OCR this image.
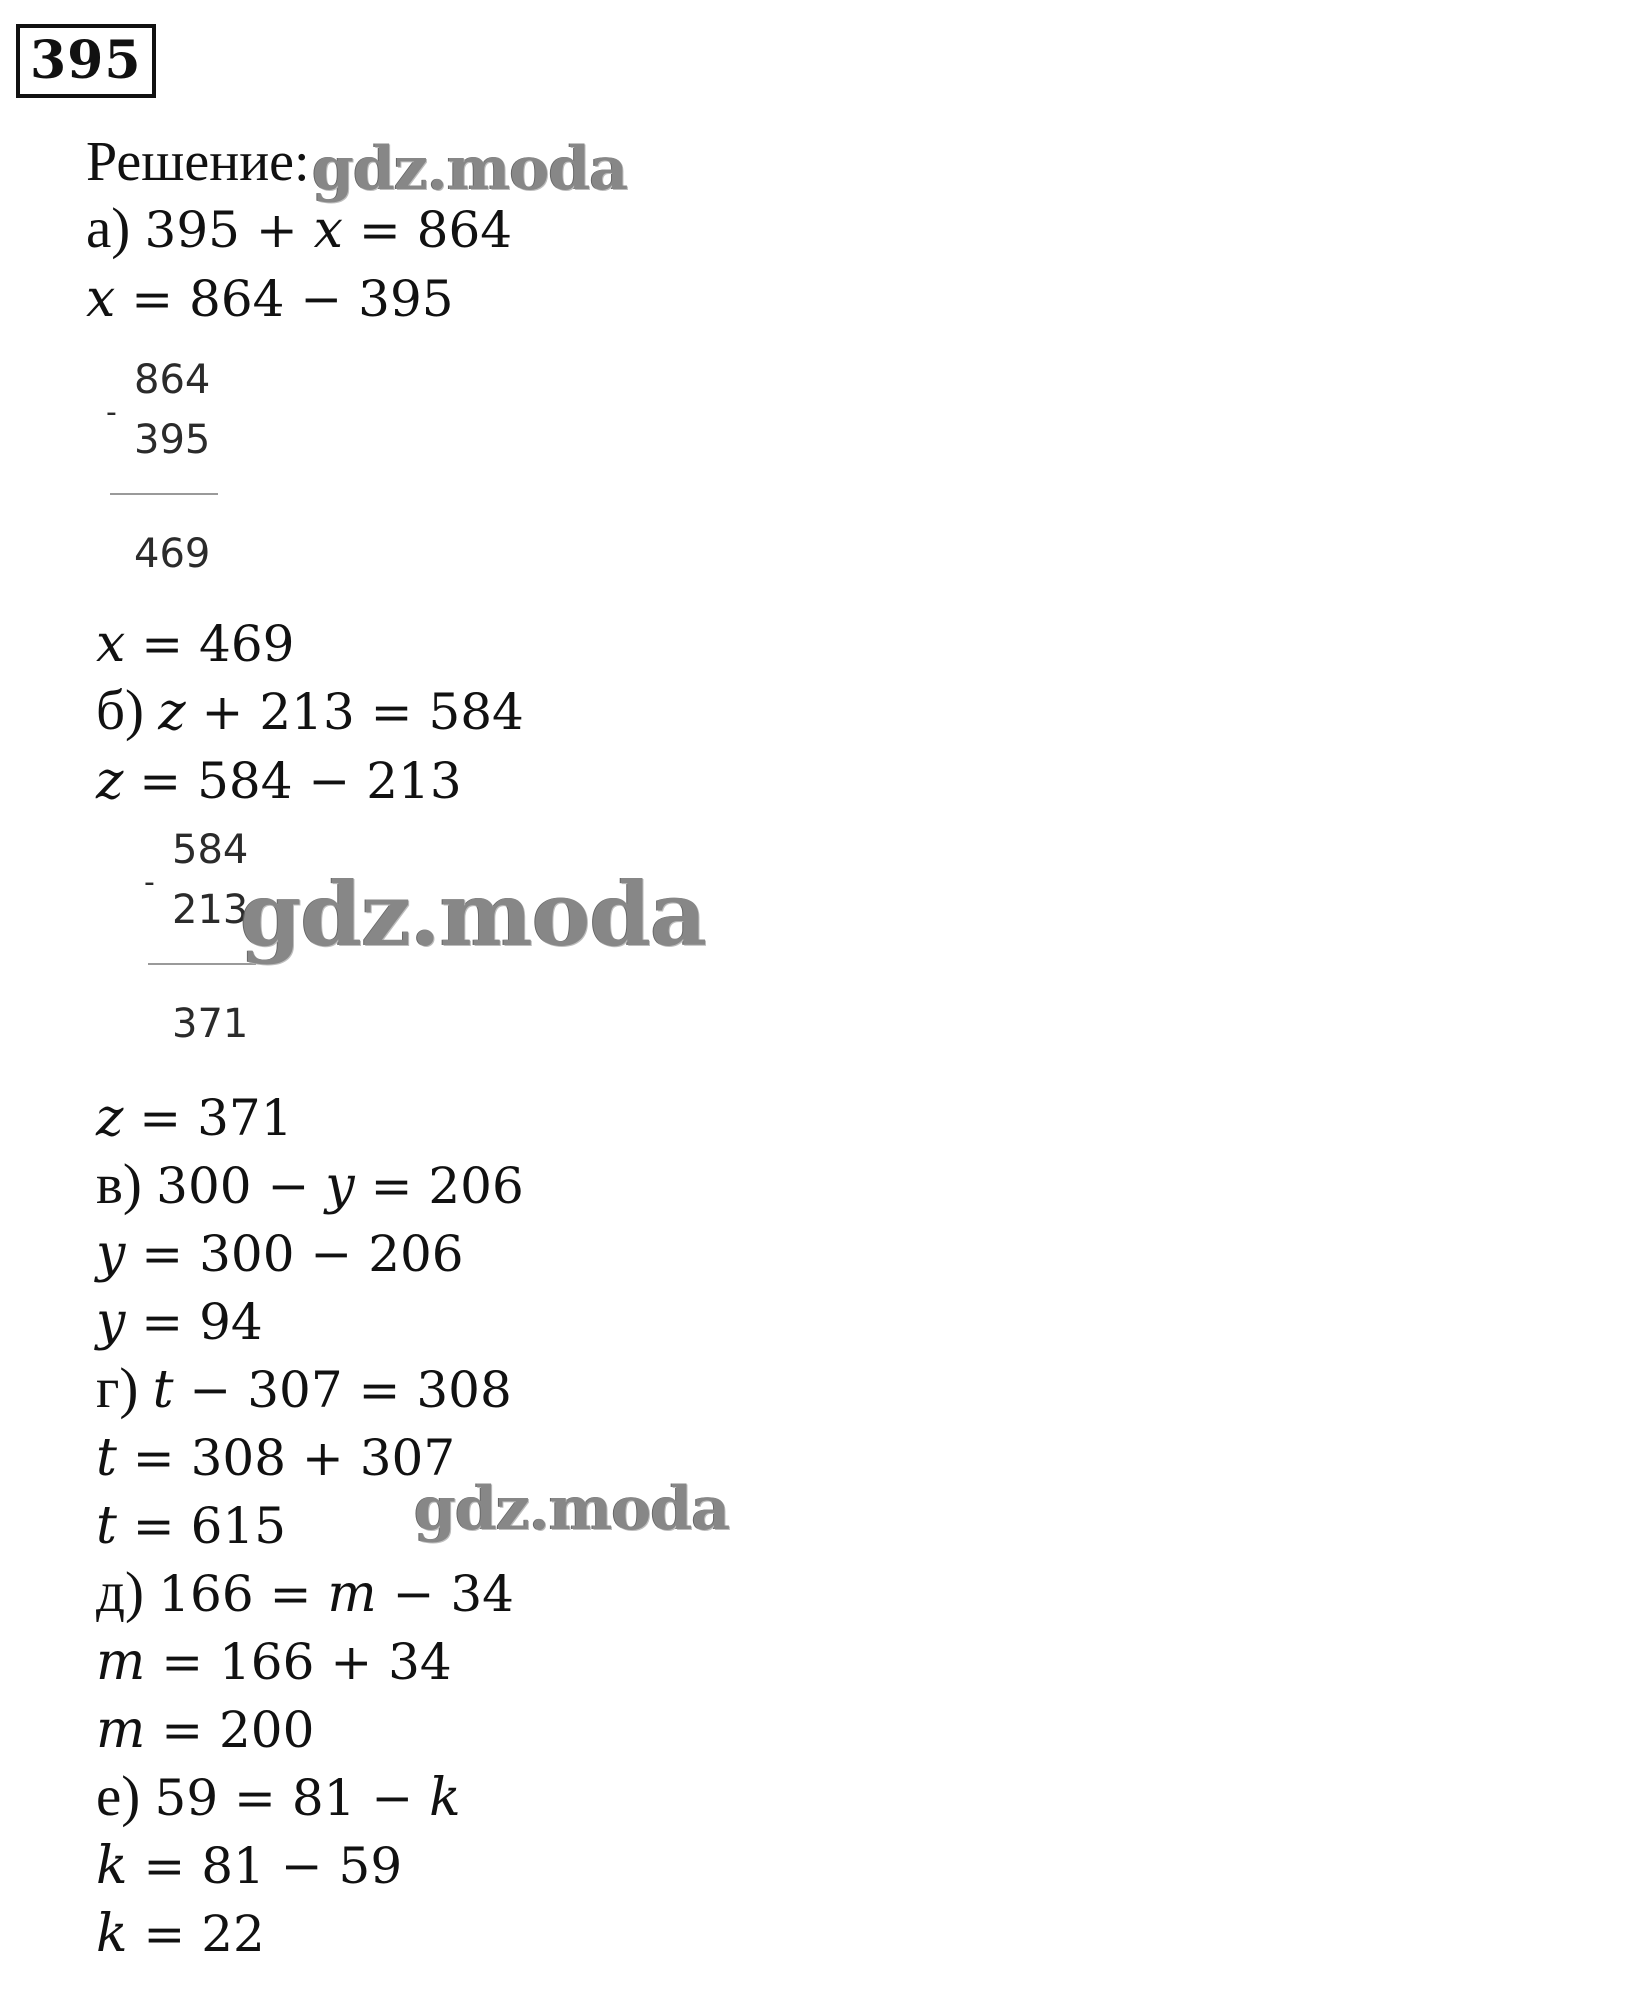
395
Решение: gdz.moda
а) 395 + x = 864
x = 864 − 395
864
-
395
469
x = 469
б) z + 213 = 584
z = 584 − 213
584
-
213
371
gdz.moda
z = 371
в) 300 − y = 206
y = 300 − 206
y = 94
г) t − 307 = 308
t = 308 + 307
t = 615 gdz.moda
д) 166 = m − 34
m = 166 + 34
m = 200
е) 59 = 81 − k
k = 81 − 59
k = 22
